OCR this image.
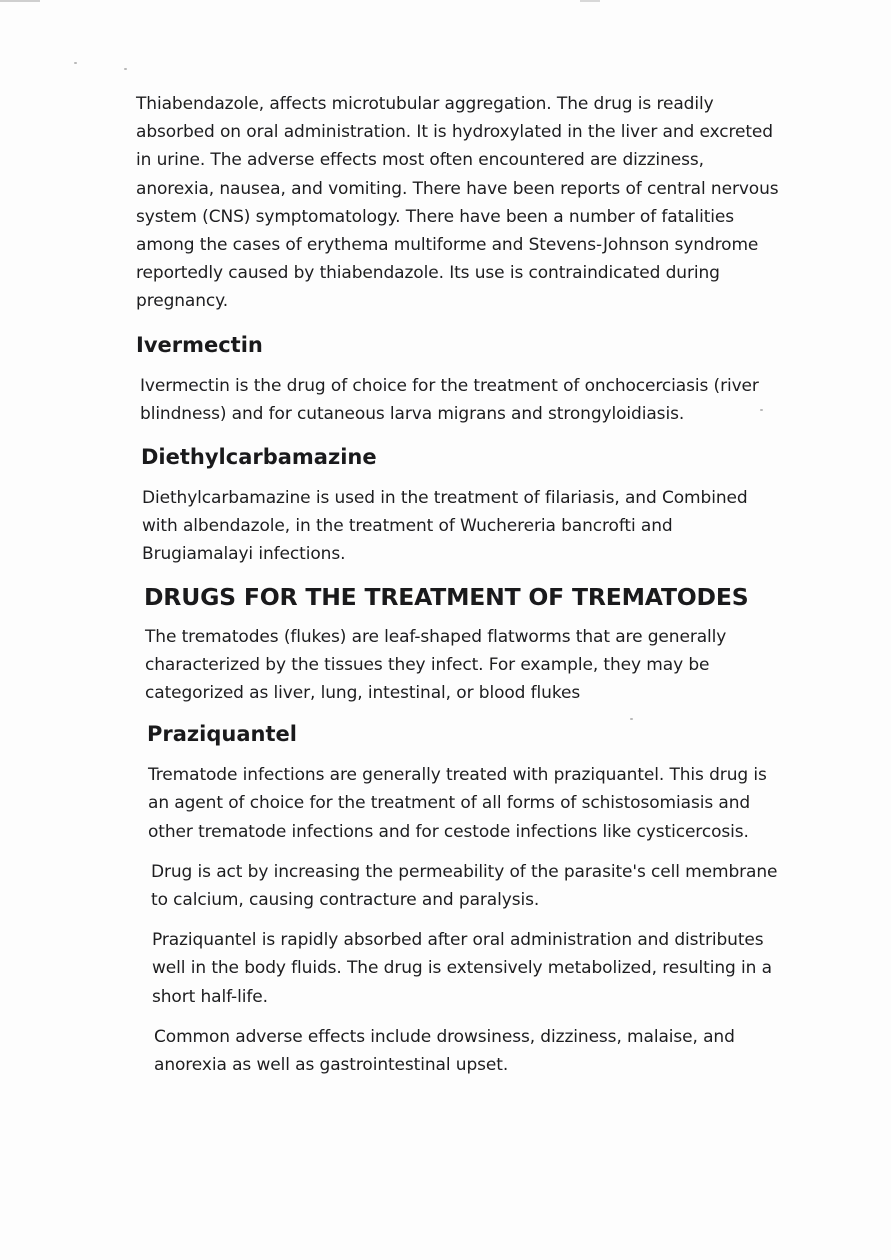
Thiabendazole, affects microtubular aggregation. The drug is readily absorbed on oral administration. It is hydroxylated in the liver and excreted in urine. The adverse effects most often encountered are dizziness, anorexia, nausea, and vomiting. There have been reports of central nervous system (CNS) symptomatology. There have been a number of fatalities among the cases of erythema multiforme and Stevens-Johnson syndrome reportedly caused by thiabendazole. Its use is contraindicated during pregnancy.

Ivermectin

Ivermectin is the drug of choice for the treatment of onchocerciasis (river blindness) and for cutaneous larva migrans and strongyloidiasis.

Diethylcarbamazine

Diethylcarbamazine is used in the treatment of filariasis, and Combined with albendazole, in the treatment of Wuchereria bancrofti and Brugiamalayi infections.

DRUGS FOR THE TREATMENT OF TREMATODES

The trematodes (flukes) are leaf-shaped flatworms that are generally characterized by the tissues they infect. For example, they may be categorized as liver, lung, intestinal, or blood flukes

Praziquantel

Trematode infections are generally treated with praziquantel. This drug is an agent of choice for the treatment of all forms of schistosomiasis and other trematode infections and for cestode infections like cysticercosis.

Drug is act by increasing the permeability of the parasite's cell membrane to calcium, causing contracture and paralysis.

Praziquantel is rapidly absorbed after oral administration and distributes well in the body fluids. The drug is extensively metabolized, resulting in a short half-life.

Common adverse effects include drowsiness, dizziness, malaise, and anorexia as well as gastrointestinal upset.
